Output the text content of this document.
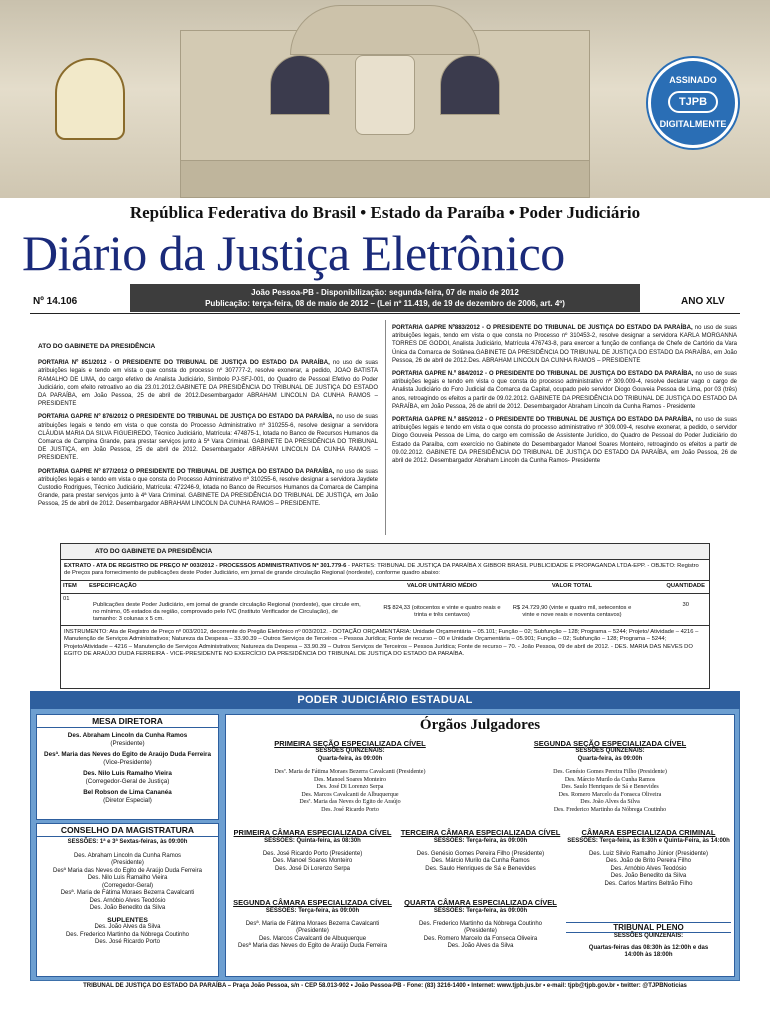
ASSINADO
TJPB
DIGITALMENTE
República Federativa do Brasil • Estado da Paraíba • Poder Judiciário
Diário da Justiça Eletrônico
Nº 14.106
João Pessoa-PB - Disponibilização: segunda-feira, 07 de maio de 2012
Publicação: terça-feira, 08 de maio de 2012 – (Lei nº 11.419, de 19 de dezembro de 2006, art. 4º)	ANO XLV

ATO DO GABINETE DA PRESIDÊNCIA

PORTARIA Nº 851/2012 - O PRESIDENTE DO TRIBUNAL DE JUSTIÇA DO ESTADO DA PARAÍBA, no uso de suas atribuições legais e tendo em vista o que consta do processo nº 307777-2, resolve exonerar, a pedido, JOAO BATISTA RAMALHO DE LIMA, do cargo efetivo de Analista Judiciário, Símbolo PJ-SFJ-001, do Quadro de Pessoal Efetivo do Poder Judiciário, com efeito retroativo ao dia 23.01.2012.GABINETE DA PRESIDÊNCIA DO TRIBUNAL DE JUSTIÇA DO ESTADO DA PARAÍBA, em João Pessoa, 25 de abril de 2012.Desembargador ABRAHAM LINCOLN DA CUNHA RAMOS – PRESIDENTE

PORTARIA GAPRE Nº 876/2012 O PRESIDENTE DO TRIBUNAL DE JUSTIÇA DO ESTADO DA PARAÍBA, no uso de suas atribuições legais e tendo em vista o que consta do Processo Administrativo nº 310255-6, resolve designar a servidora CLÁUDIA MARIA DA SILVA FIGUEIREDO, Técnico Judiciário, Matrícula: 474875-1, lotada no Banco de Recursos Humanos da Comarca de Campina Grande, para prestar serviços junto à 5ª Vara Criminal. GABINETE DA PRESIDÊNCIA DO TRIBUNAL DE JUSTIÇA, em João Pessoa, 25 de abril de 2012. Desembargador ABRAHAM LINCOLN DA CUNHA RAMOS – PRESIDENTE.

PORTARIA GAPRE Nº 877/2012 O PRESIDENTE DO TRIBUNAL DE JUSTIÇA DO ESTADO DA PARAÍBA, no uso de suas atribuições legais e tendo em vista o que consta do Processo Administrativo nº 310255-6, resolve designar a servidora Jaydete Custodio Rodrigues, Técnico Judiciário, Matrícula: 472246-9, lotada no Banco de Recursos Humanos da Comarca de Campina Grande, para prestar serviços junto à 4ª Vara Criminal. GABINETE DA PRESIDÊNCIA DO TRIBUNAL DE JUSTIÇA, em João Pessoa, 25 de abril de 2012. Desembargador ABRAHAM LINCOLN DA CUNHA RAMOS – PRESIDENTE.

PORTARIA GAPRE Nº883/2012 - O PRESIDENTE DO TRIBUNAL DE JUSTIÇA DO ESTADO DA PARAÍBA, no uso de suas atribuições legais, tendo em vista o que consta no Processo nº 310453-2, resolve designar a servidora KARLA MORGANNA TORRES DE GODOI, Analista Judiciário, Matrícula 476743-8, para exercer a função de confiança de Chefe de Cartório da Vara Única da Comarca de Solânea.GABINETE DA PRESIDÊNCIA DO TRIBUNAL DE JUSTIÇA DO ESTADO DA PARAÍBA, em João Pessoa, 26 de abril de 2012.Des. ABRAHAM LINCOLN DA CUNHA RAMOS – PRESIDENTE

PORTARIA GAPRE N.º 884/2012 - O PRESIDENTE DO TRIBUNAL DE JUSTIÇA DO ESTADO DA PARAÍBA, no uso de suas atribuições legais e tendo em vista o que consta do processo administrativo nº 309.009-4, resolve declarar vago o cargo de Analista Judiciário do Foro Judicial da Comarca da Capital, ocupado pelo servidor Diogo Gouveia Pessoa de Lima, por 03 (três) anos, retroagindo os efeitos a partir de 09.02.2012. GABINETE DA PRESIDÊNCIA DO TRIBUNAL DE JUSTIÇA DO ESTADO DA PARAÍBA, em João Pessoa, 26 de abril de 2012. Desembargador Abraham Lincoln da Cunha Ramos - Presidente

PORTARIA GAPRE N.º 885/2012 - O PRESIDENTE DO TRIBUNAL DE JUSTIÇA DO ESTADO DA PARAÍBA, no uso de suas atribuições legais e tendo em vista o que consta do processo administrativo nº 309.009-4, resolve exonerar, a pedido, o servidor Diogo Gouveia Pessoa de Lima, do cargo em comissão de Assistente Jurídico, do Quadro de Pessoal do Poder Judiciário do Estado da Paraíba, com exercício no Gabinete do Desembargador Manoel Soares Monteiro, retroagindo os efeitos a partir de 09.02.2012. GABINETE DA PRESIDÊNCIA DO TRIBUNAL DE JUSTIÇA DO ESTADO DA PARAÍBA, em João Pessoa, 26 de abril de 2012. Desembargador Abraham Lincoln da Cunha Ramos- Presidente

ATO DO GABINETE DA PRESIDÊNCIA
EXTRATO - ATA DE REGISTRO DE PREÇO Nº 003/2012 - PROCESSOS ADMINISTRATIVOS Nº 301.779-6 - PARTES: TRIBUNAL DE JUSTIÇA DA PARAÍBA X GIBBOR BRASIL PUBLICIDADE E PROPAGANDA LTDA-EPP. - OBJETO: Registro de Preços para fornecimento de publicações deste Poder Judiciário, em jornal de grande circulação Regional (nordeste), conforme quadro abaixo:
ITEM	ESPECIFICAÇÃO	VALOR UNITÁRIO MÉDIO	VALOR TOTAL	QUANTIDADE
01	Publicações deste Poder Judiciário, em jornal de grande circulação Regional (nordeste), que circule em, no mínimo, 05 estados da região, comprovado pelo IVC (Instituto Verificador de Circulação), de tamanho: 3 colunas x 5 cm.	R$ 824,33 (oitocentos e vinte e quatro reais e trinta e três centavos)	R$ 24.729,90 (vinte e quatro mil, setecentos e vinte e nove reais e noventa centavos)	30
INSTRUMENTO: Ata de Registro de Preço nº 003/2012, decorrente do Pregão Eletrônico nº 003/2012. - DOTAÇÃO ORÇAMENTÁRIA: Unidade Orçamentária – 05.101; Função – 02; Subfunção – 128; Programa – 5244; Projeto/ Atividade – 4216 – Manutenção de Serviços Administrativos; Natureza da Despesa – 33.90.39 – Outros Serviços de Terceiros – Pessoa Jurídica; Fonte de recurso – 00 e Unidade Orçamentária – 05.901; Função – 02; Subfunção – 128; Programa – 5244; Projeto/Atividade – 4216 – Manutenção de Serviços Administrativos; Natureza da Despesa – 33.90.39 – Outros Serviços de Terceiros – Pessoa Jurídica; Fonte de recurso – 70. - João Pessoa, 09 de abril de 2012. - DES. MARIA DAS NEVES DO EGITO DE ARAÚJO DUDA FERREIRA - VICE-PRESIDENTE NO EXERCÍCIO DA PRESIDÊNCIA DO TRIBUNAL DE JUSTIÇA DO ESTADO DA PARAÍBA.
PODER JUDICIÁRIO ESTADUAL
MESA DIRETORA
Des. Abraham Lincoln da Cunha Ramos
(Presidente)
Desª. Maria das Neves do Egito de Araújo Duda Ferreira
(Vice-Presidente)
Des. Nilo Luis Ramalho Vieira
(Corregedor-Geral de Justiça)
Bel Robson de Lima Cananéa
(Diretor Especial)
CONSELHO DA MAGISTRATURA
SESSÕES: 1ª e 3ª Sextas-feiras, às 09:00h
Des. Abraham Lincoln da Cunha Ramos
(Presidente)
Desª Maria das Neves do Egito de Araújo Duda Ferreira
Des. Nilo Luis Ramalho Vieira
(Corregedor-Geral)
Desª. Maria de Fátima Moraes Bezerra Cavalcanti
Des. Arnóbio Alves Teodósio
Des. João Benedito da Silva
SUPLENTES
Des. João Alves da Silva
Des. Frederico Martinho da Nóbrega Coutinho
Des. José Ricardo Porto
Órgãos Julgadores
PRIMEIRA SEÇÃO ESPECIALIZADA CÍVEL
SESSÕES QUINZENAIS:
Quarta-feira, às 09:00h
Desª. Maria de Fátima Moraes Bezerra Cavalcanti (Presidente)
Des. Manoel Soares Monteiro
Des. José Di Lorenzo Serpa
Des. Marcos Cavalcanti de Albuquerque
Desª. Maria das Neves do Egito de Araújo
Des. José Ricardo Porto
SEGUNDA SEÇÃO ESPECIALIZADA CÍVEL
SESSÕES QUINZENAIS:
Quarta-feira, às 09:00h
Des. Genésio Gomes Pereira Filho (Presidente)
Des. Márcio Murilo da Cunha Ramos
Des. Saulo Henriques de Sá e Benevides
Des. Romero Marcelo da Fonseca Oliveira
Des. João Alves da Silva
Des. Frederico Martinho da Nóbrega Coutinho
PRIMEIRA CÂMARA ESPECIALIZADA CÍVEL
SESSÕES: Quinta-feira, às 08:30h
Des. José Ricardo Porto (Presidente)
Des. Manoel Soares Monteiro
Des. José Di Lorenzo Serpa
TERCEIRA CÂMARA ESPECIALIZADA CÍVEL
SESSÕES: Terça-feira, às 09:00h
Des. Genésio Gomes Pereira Filho (Presidente)
Des. Márcio Murilo da Cunha Ramos
Des. Saulo Henriques de Sá e Benevides
CÂMARA ESPECIALIZADA CRIMINAL
SESSÕES: Terça-feira, às 8:30h e Quinta-Feira, às 14:00h
Des. Luiz Silvio Ramalho Júnior (Presidente)
Des. João de Brito Pereira Filho
Des. Arnóbio Alves Teodósio
Des. João Benedito da Silva
Des. Carlos Martins Beltrão Filho
SEGUNDA CÂMARA ESPECIALIZADA CÍVEL
SESSÕES: Terça-feira, às 09:00h
Desª. Maria de Fátima Moraes Bezerra Cavalcanti
(Presidente)
Des. Marcos Cavalcanti de Albuquerque
Desª Maria das Neves do Egito de Araújo Duda Ferreira
QUARTA CÂMARA ESPECIALIZADA CÍVEL
SESSÕES: Terça-feira, às 09:00h
Des. Frederico Martinho da Nóbrega Coutinho
(Presidente)
Des. Romero Marcelo da Fonseca Oliveira
Des. João Alves da Silva
TRIBUNAL PLENO
SESSÕES QUINZENAIS:
Quartas-feiras das 08:30h às 12:00h e das 14:00h às 18:00h
TRIBUNAL DE JUSTIÇA DO ESTADO DA PARAÍBA – Praça João Pessoa, s/n - CEP 58.013-902 • João Pessoa-PB - Fone: (83) 3216-1400 • Internet: www.tjpb.jus.br • e-mail: tjpb@tjpb.gov.br • twitter: @TJPBNoticias
